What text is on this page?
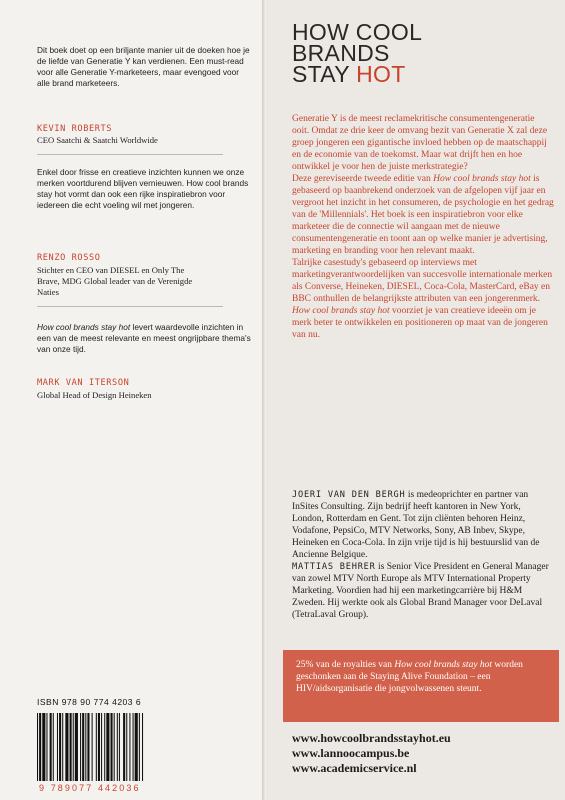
Dit boek doet op een briljante manier uit de doeken hoe je de liefde van Generatie Y kan verdienen. Een must-read voor alle Generatie Y-marketeers, maar evengoed voor alle brand marketeers.
KEVIN ROBERTS
CEO Saatchi & Saatchi Worldwide
Enkel door frisse en creatieve inzichten kunnen we onze merken voortdurend blijven vernieuwen. How cool brands stay hot vormt dan ook een rijke inspiratiebron voor iedereen die echt voeling wil met jongeren.
RENZO ROSSO
Stichter en CEO van DIESEL en Only The Brave, MDG Global leader van de Verenigde Naties
How cool brands stay hot levert waardevolle inzichten in een van de meest relevante en meest ongrijpbare thema's van onze tijd.
MARK VAN ITERSON
Global Head of Design Heineken
ISBN 978 90 774 4203 6
9 789077 442036
HOW COOL
BRANDS
STAY HOT

Generatie Y is de meest reclamekritische consumentengeneratie ooit. Omdat ze drie keer de omvang bezit van Generatie X zal deze groep jongeren een gigantische invloed hebben op de maatschappij en de economie van de toekomst. Maar wat drijft hen en hoe ontwikkel je voor hen de juiste merkstrategie?

Deze gereviseerde tweede editie van How cool brands stay hot is gebaseerd op baanbrekend onderzoek van de afgelopen vijf jaar en vergroot het inzicht in het consumeren, de psychologie en het gedrag van de 'Millennials'. Het boek is een inspiratiebron voor elke marketeer die de connectie wil aangaan met de nieuwe consumentengeneratie en toont aan op welke manier je advertising, marketing en branding voor hen relevant maakt.

Talrijke casestudy's gebaseerd op interviews met marketingverantwoordelijken van succesvolle internationale merken als Converse, Heineken, DIESEL, Coca-Cola, MasterCard, eBay en BBC onthullen de belangrijkste attributen van een jongerenmerk.

How cool brands stay hot voorziet je van creatieve ideeën om je merk beter te ontwikkelen en positioneren op maat van de jongeren van nu.

JOERI VAN DEN BERGH is medeoprichter en partner van InSites Consulting. Zijn bedrijf heeft kantoren in New York, London, Rotterdam en Gent. Tot zijn cliënten behoren Heinz, Vodafone, PepsiCo, MTV Networks, Sony, AB Inbev, Skype, Heineken en Coca-Cola. In zijn vrije tijd is hij bestuurslid van de Ancienne Belgique.

MATTIAS BEHRER is Senior Vice President en General Manager van zowel MTV North Europe als MTV International Property Marketing. Voordien had hij een marketingcarrière bij H&M Zweden. Hij werkte ook als Global Brand Manager voor DeLaval (TetraLaval Group).

25% van de royalties van How cool brands stay hot worden geschonken aan de Staying Alive Foundation – een HIV/aidsorganisatie die jongvolwassenen steunt.
www.howcoolbrandsstayhot.eu
www.lannoocampus.be
www.academicservice.nl
